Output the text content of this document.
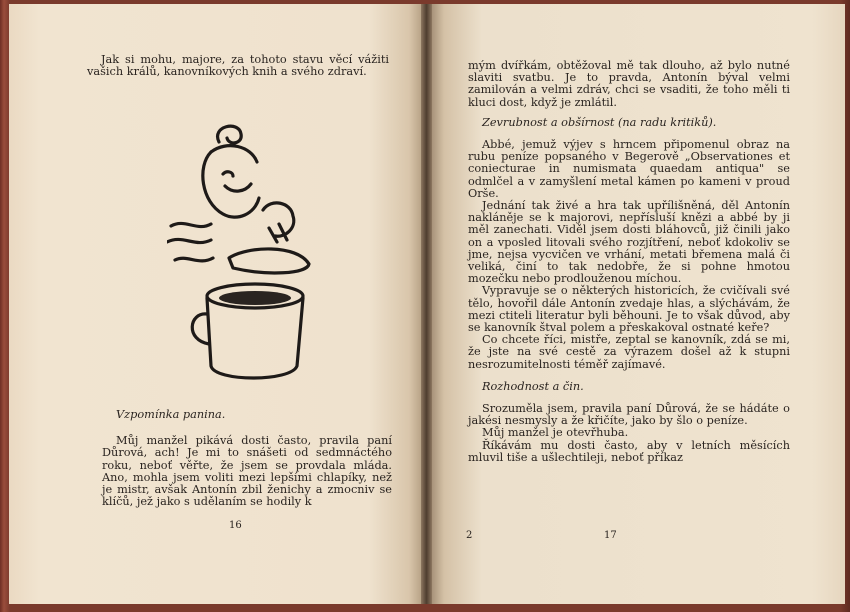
Jak si mohu, majore, za tohoto stavu věcí vážiti vašich králů, kanovníkových knih a svého zdraví.

Vzpomínka panina.

Můj manžel pikává dosti často, pravila paní Důrová, ach! Je mi to snášeti od sedmnáctého roku, neboť věřte, že jsem se provdala mláda. Ano, mohla jsem voliti mezi lepšími chlapíky, než je mistr, avšak Antonín zbil ženichy a zmocniv se klíčů, jež jako s udělaním se hodily k

16

mým dvířkám, obtěžoval mě tak dlouho, až bylo nutné slaviti svatbu. Je to pravda, Antonín býval velmi zamilován a velmi zdráv, chci se vsaditi, že toho měli ti kluci dost, když je zmlátil.

Zevrubnost a obšírnost (na radu kritiků).

Abbé, jemuž výjev s hrncem připomenul obraz na rubu peníze popsaného v Begerově „Observationes et coniecturae in numismata quaedam antiqua" se odmlčel a v zamyšlení metal kámen po kameni v proud Orše.

Jednání tak živé a hra tak upřílišněná, děl Antonín nakláněje se k majorovi, nepřísluší knězi a abbé by ji měl zanechati. Viděl jsem dosti bláhovců, již činili jako on a vposled litovali svého rozjítření, neboť kdokoliv se jme, nejsa vycvičen ve vrhání, metati břemena malá či veliká, činí to tak nedobře, že si pohne hmotou mozečku nebo prodlouženou míchou.

Vypravuje se o některých historicích, že cvičívali své tělo, hovořil dále Antonín zvedaje hlas, a slýchávám, že mezi ctiteli literatur byli běhouni. Je to však důvod, aby se kanovník štval polem a přeskakoval ostnaté keře?

Co chcete říci, mistře, zeptal se kanovník, zdá se mi, že jste na své cestě za výrazem došel až k stupni nesrozumitelnosti téměř zajímavé.

Rozhodnost a čin.

Srozuměla jsem, pravila paní Důrová, že se hádáte o jakési nesmysly a že křičíte, jako by šlo o peníze.

Můj manžel je otevřhuba.

Říkávám mu dosti často, aby v letních měsících mluvil tiše a ušlechtileji, neboť příkaz

2	17
